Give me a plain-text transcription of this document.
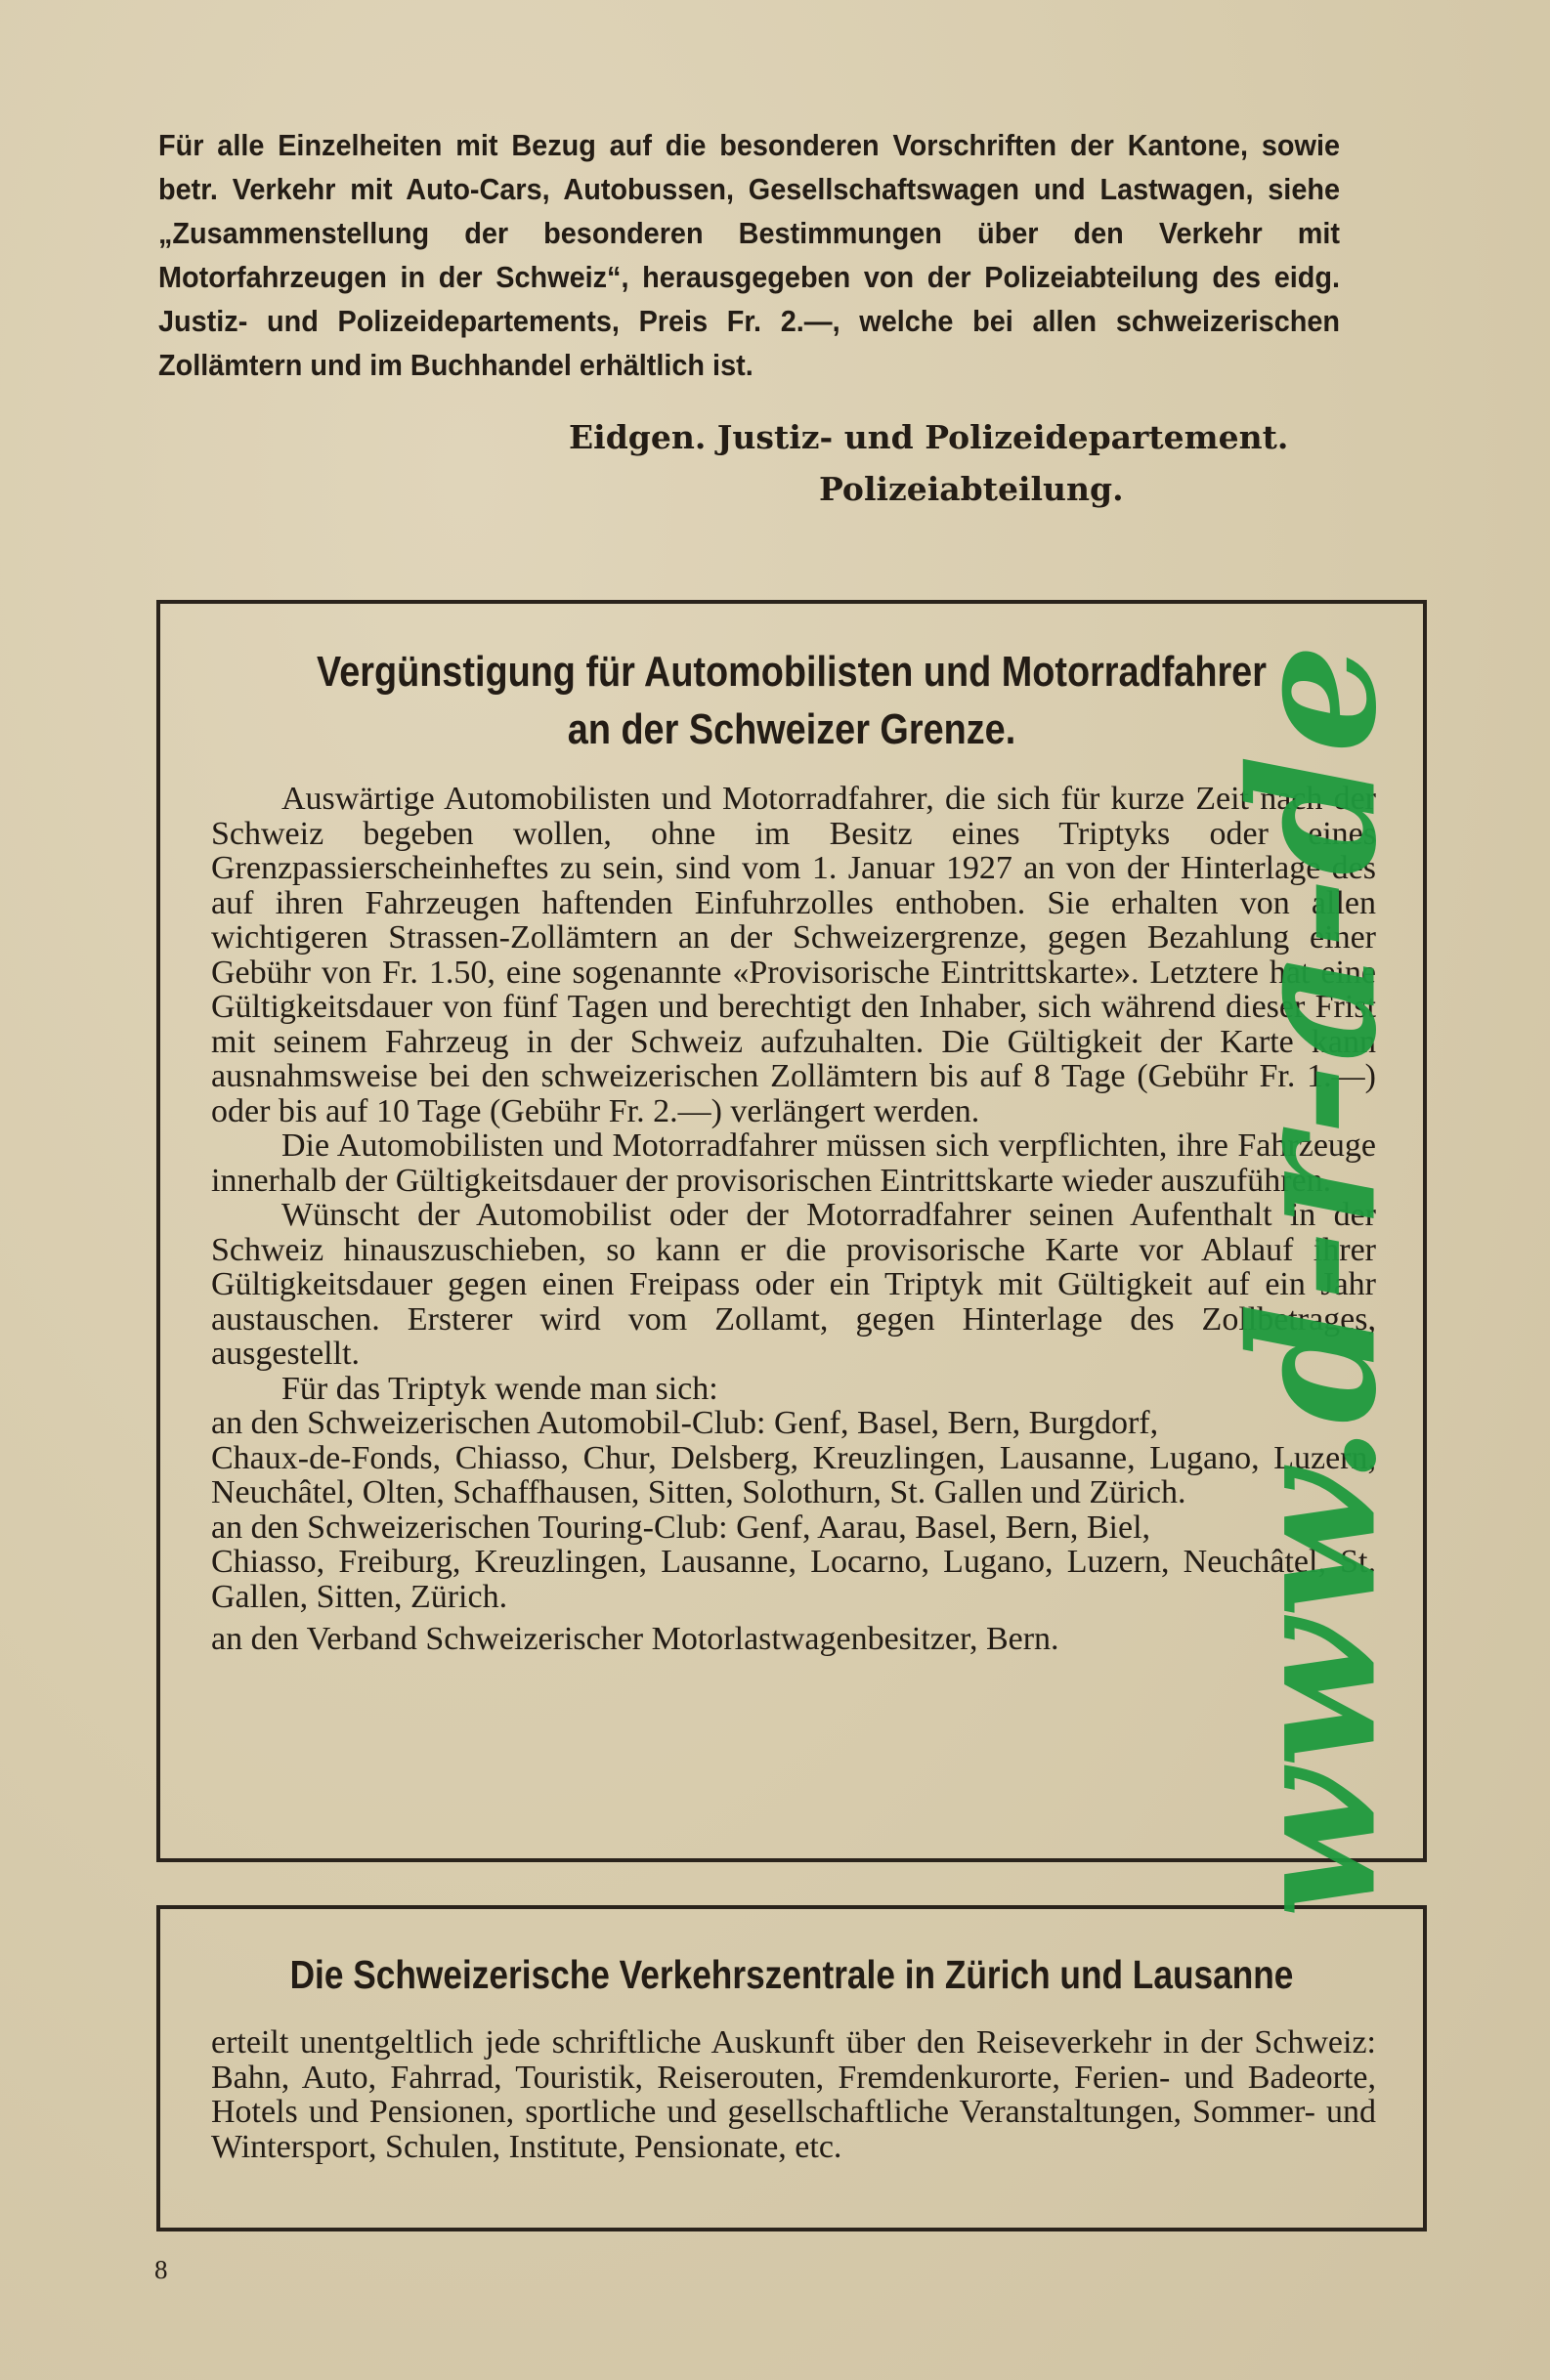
Für alle Einzelheiten mit Bezug auf die besonderen Vorschriften der Kantone, sowie betr. Verkehr mit Auto-Cars, Autobussen, Gesellschaftswagen und Lastwagen, siehe „Zusammenstellung der besonderen Bestimmungen über den Verkehr mit Motorfahrzeugen in der Schweiz“, herausgegeben von der Polizeiabteilung des eidg. Justiz- und Polizeidepartements, Preis Fr. 2.—, welche bei allen schweizerischen Zollämtern und im Buchhandel erhältlich ist.

Eidgen. Justiz- und Polizeidepartement.
Polizeiabteilung.
Vergünstigung für Automobilisten und Motorradfahrer
an der Schweizer Grenze.

Auswärtige Automobilisten und Motorradfahrer, die sich für kurze Zeit nach der Schweiz begeben wollen, ohne im Besitz eines Triptyks oder eines Grenzpassierscheinheftes zu sein, sind vom 1. Januar 1927 an von der Hinterlage des auf ihren Fahrzeugen haftenden Einfuhrzolles enthoben. Sie erhalten von allen wichtigeren Strassen-Zollämtern an der Schweizergrenze, gegen Bezahlung einer Gebühr von Fr. 1.50, eine sogenannte «Provisorische Eintrittskarte». Letztere hat eine Gültigkeitsdauer von fünf Tagen und berechtigt den Inhaber, sich während dieser Frist mit seinem Fahrzeug in der Schweiz aufzuhalten. Die Gültigkeit der Karte kann ausnahmsweise bei den schweizerischen Zollämtern bis auf 8 Tage (Gebühr Fr. 1.—) oder bis auf 10 Tage (Gebühr Fr. 2.—) verlängert werden.

Die Automobilisten und Motorradfahrer müssen sich verpflichten, ihre Fahrzeuge innerhalb der Gültigkeitsdauer der provisorischen Eintrittskarte wieder auszuführen.

Wünscht der Automobilist oder der Motorradfahrer seinen Aufenthalt in der Schweiz hinauszuschieben, so kann er die provisorische Karte vor Ablauf ihrer Gültigkeitsdauer gegen einen Freipass oder ein Triptyk mit Gültigkeit auf ein Jahr austauschen. Ersterer wird vom Zollamt, gegen Hinterlage des Zollbetrages, ausgestellt.

Für das Triptyk wende man sich:

an den Schweizerischen Automobil-Club: Genf, Basel, Bern, Burgdorf,

Chaux-de-Fonds, Chiasso, Chur, Delsberg, Kreuzlingen, Lausanne, Lugano, Luzern, Neuchâtel, Olten, Schaffhausen, Sitten, Solothurn, St. Gallen und Zürich.

an den Schweizerischen Touring-Club: Genf, Aarau, Basel, Bern, Biel,

Chiasso, Freiburg, Kreuzlingen, Lausanne, Locarno, Lugano, Luzern, Neuchâtel, St. Gallen, Sitten, Zürich.

an den Verband Schweizerischer Motorlastwagenbesitzer, Bern.

Die Schweizerische Verkehrszentrale in Zürich und Lausanne

erteilt unentgeltlich jede schriftliche Auskunft über den Reiseverkehr in der Schweiz: Bahn, Auto, Fahrrad, Touristik, Reiserouten, Fremdenkurorte, Ferien- und Badeorte, Hotels und Pensionen, sportliche und gesellschaftliche Veranstaltungen, Sommer- und Wintersport, Schulen, Institute, Pensionate, etc.

8
www.d-r-a-de
